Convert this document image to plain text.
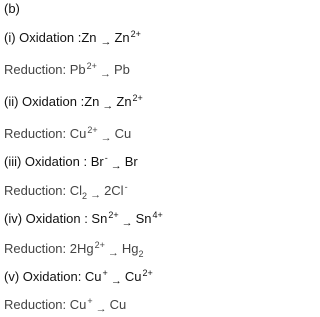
(b)
(i) Oxidation :Zn $_\to$ $Zn^{2+}$
Reduction: $Pb^{2+}_\to$ Pb
(ii) Oxidation :Zn $_\to$ $Zn^{2+}$
Reduction: $Cu^{2+}_\to$ Cu
(iii) Oxidation : $Br^-_\to$ Br
Reduction: $Cl_2$ $_\to$ 2Cl-
(iv) Oxidation : $Sn^{2+}_\to$ $Sn^{4+}$
Reduction: $2Hg^{2+}_\to$ $Hg_2$
(v) Oxidation: $Cu^+_\to$ $Cu^{2+}$
Reduction: $Cu^+_\to$ Cu
